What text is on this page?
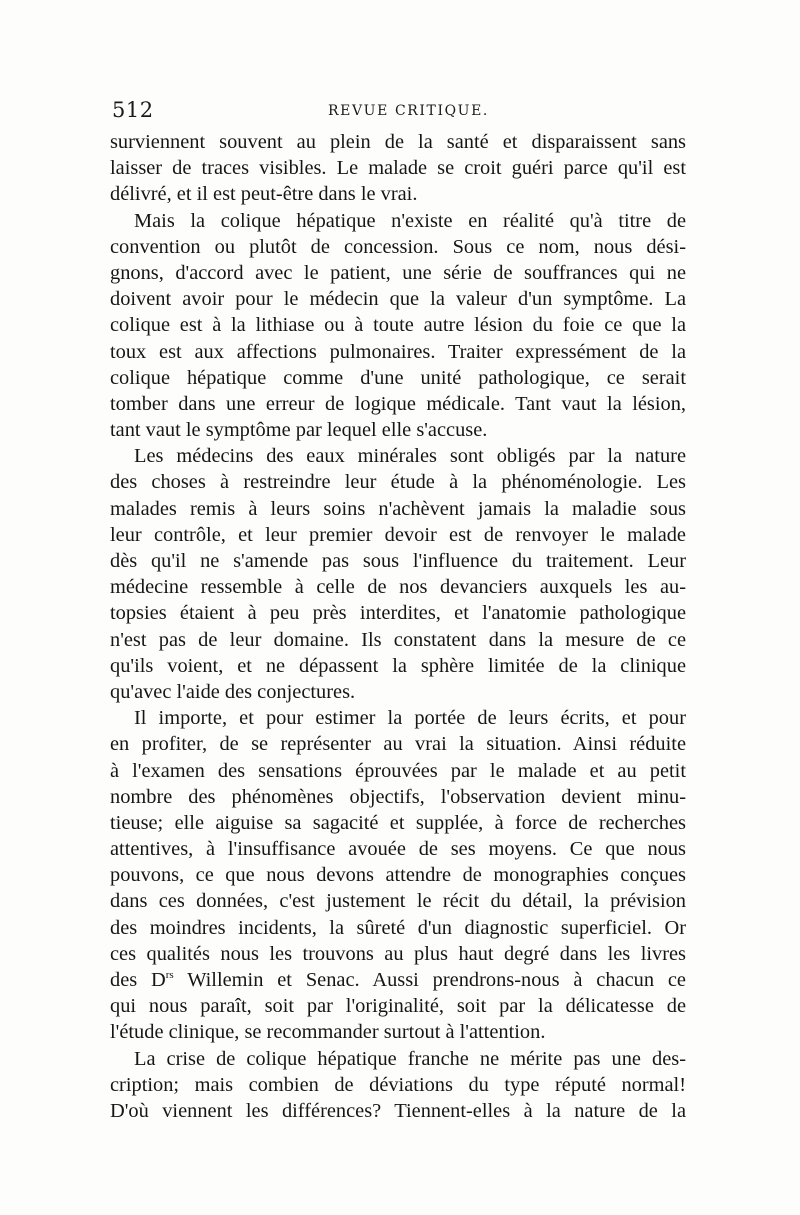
512	REVUE CRITIQUE.
surviennent souvent au plein de la santé et disparaissent sans
laisser de traces visibles. Le malade se croit guéri parce qu'il est
délivré, et il est peut-être dans le vrai.
Mais la colique hépatique n'existe en réalité qu'à titre de
convention ou plutôt de concession. Sous ce nom, nous dési-
gnons, d'accord avec le patient, une série de souffrances qui ne
doivent avoir pour le médecin que la valeur d'un symptôme. La
colique est à la lithiase ou à toute autre lésion du foie ce que la
toux est aux affections pulmonaires. Traiter expressément de la
colique hépatique comme d'une unité pathologique, ce serait
tomber dans une erreur de logique médicale. Tant vaut la lésion,
tant vaut le symptôme par lequel elle s'accuse.
Les médecins des eaux minérales sont obligés par la nature
des choses à restreindre leur étude à la phénoménologie. Les
malades remis à leurs soins n'achèvent jamais la maladie sous
leur contrôle, et leur premier devoir est de renvoyer le malade
dès qu'il ne s'amende pas sous l'influence du traitement. Leur
médecine ressemble à celle de nos devanciers auxquels les au-
topsies étaient à peu près interdites, et l'anatomie pathologique
n'est pas de leur domaine. Ils constatent dans la mesure de ce
qu'ils voient, et ne dépassent la sphère limitée de la clinique
qu'avec l'aide des conjectures.
Il importe, et pour estimer la portée de leurs écrits, et pour
en profiter, de se représenter au vrai la situation. Ainsi réduite
à l'examen des sensations éprouvées par le malade et au petit
nombre des phénomènes objectifs, l'observation devient minu-
tieuse; elle aiguise sa sagacité et supplée, à force de recherches
attentives, à l'insuffisance avouée de ses moyens. Ce que nous
pouvons, ce que nous devons attendre de monographies conçues
dans ces données, c'est justement le récit du détail, la prévision
des moindres incidents, la sûreté d'un diagnostic superficiel. Or
ces qualités nous les trouvons au plus haut degré dans les livres
des $D^{rs}$ Willemin et Senac. Aussi prendrons-nous à chacun ce
qui nous paraît, soit par l'originalité, soit par la délicatesse de
l'étude clinique, se recommander surtout à l'attention.
La crise de colique hépatique franche ne mérite pas une des-
cription; mais combien de déviations du type réputé normal!
D'où viennent les différences? Tiennent-elles à la nature de la
